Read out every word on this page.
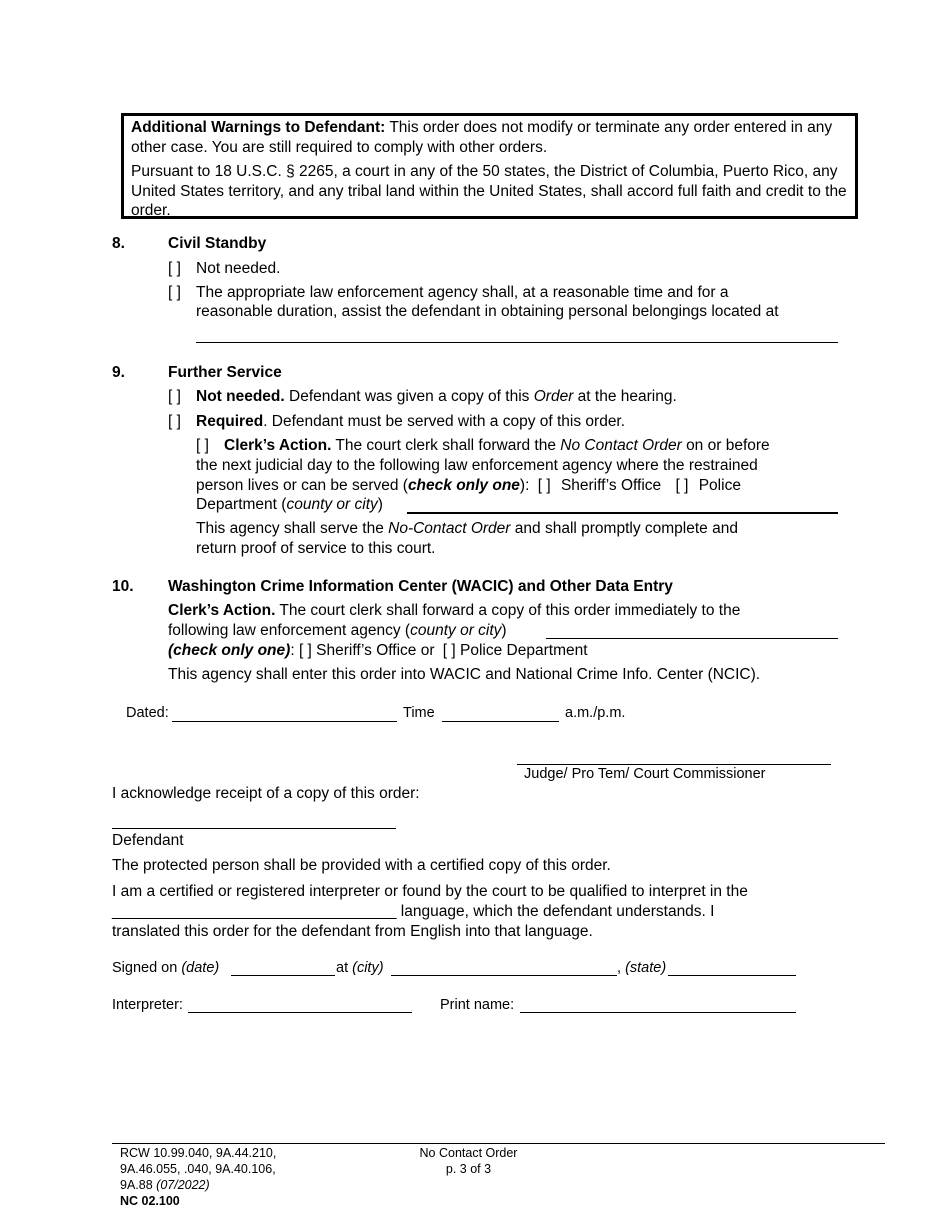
Additional Warnings to Defendant: This order does not modify or terminate any order entered in any other case. You are still required to comply with other orders.

Pursuant to 18 U.S.C. § 2265, a court in any of the 50 states, the District of Columbia, Puerto Rico, any United States territory, and any tribal land within the United States, shall accord full faith and credit to the order.

8.	Civil Standby
[ ] Not needed.
[ ] The appropriate law enforcement agency shall, at a reasonable time and for a
reasonable duration, assist the defendant in obtaining personal belongings located at
9.	Further Service
[ ] Not needed. Defendant was given a copy of this Order at the hearing.
[ ] Required. Defendant must be served with a copy of this order.
[ ] Clerk’s Action. The court clerk shall forward the No Contact Order on or before
the next judicial day to the following law enforcement agency where the restrained
person lives or can be served (check only one): [ ] Sheriff’s Office [ ] Police
Department (county or city)
This agency shall serve the No-Contact Order and shall promptly complete and
return proof of service to this court.
10. Washington Crime Information Center (WACIC) and Other Data Entry
Clerk’s Action. The court clerk shall forward a copy of this order immediately to the
following law enforcement agency (county or city)
(check only one): [ ] Sheriff’s Office or [ ] Police Department
This agency shall enter this order into WACIC and National Crime Info. Center (NCIC).
Dated:	Time	a.m./p.m.
Judge/ Pro Tem/ Court Commissioner
I acknowledge receipt of a copy of this order:
Defendant
The protected person shall be provided with a certified copy of this order.
I am a certified or registered interpreter or found by the court to be qualified to interpret in the
_________________________________ language, which the defendant understands. I
translated this order for the defendant from English into that language.
Signed on (date)	at (city)	, (state)
Interpreter:	Print name:
RCW 10.99.040, 9A.44.210,
9A.46.055, .040, 9A.40.106,
9A.88 (07/2022)
NC 02.100
No Contact Order
p. 3 of 3
